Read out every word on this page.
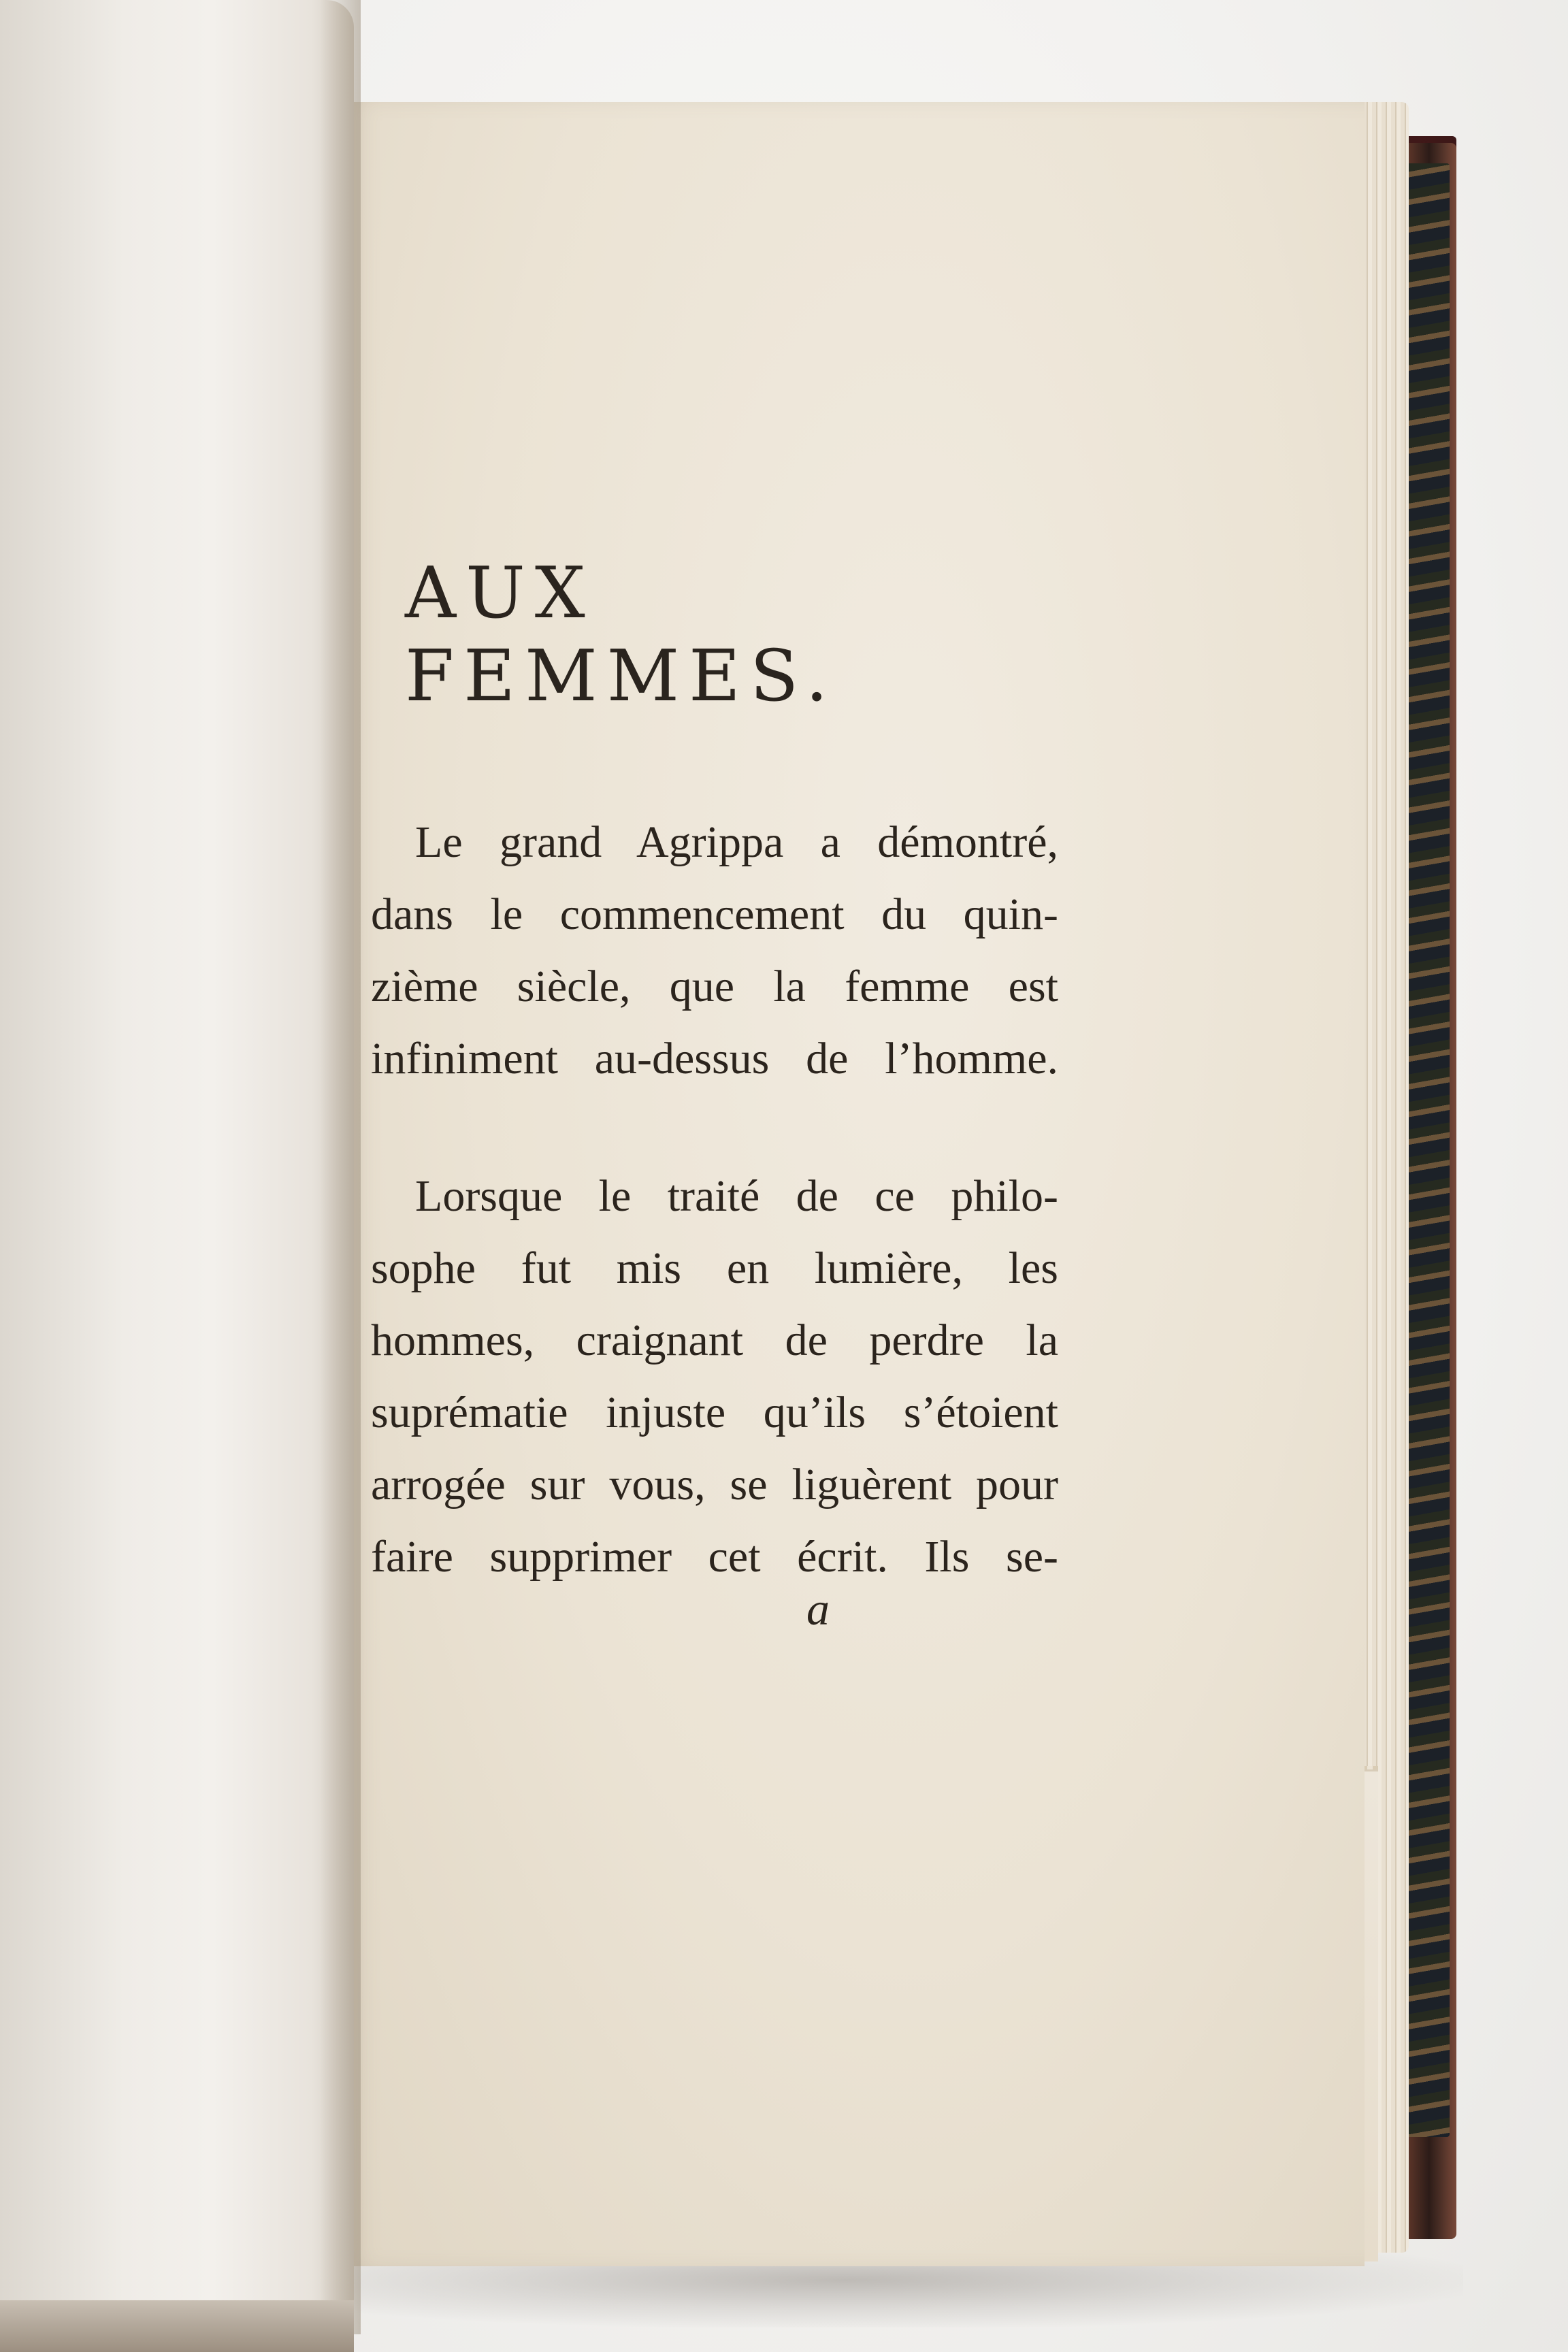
AUX FEMMES.
Le grand Agrippa a démontré,
dans le commencement du quin-
zième siècle, que la femme est
infiniment au-dessus de l’homme.
Lorsque le traité de ce philo-
sophe fut mis en lumière, les
hommes, craignant de perdre la
suprématie injuste qu’ils s’étoient
arrogée sur vous, se liguèrent pour
faire supprimer cet écrit. Ils se-
a
